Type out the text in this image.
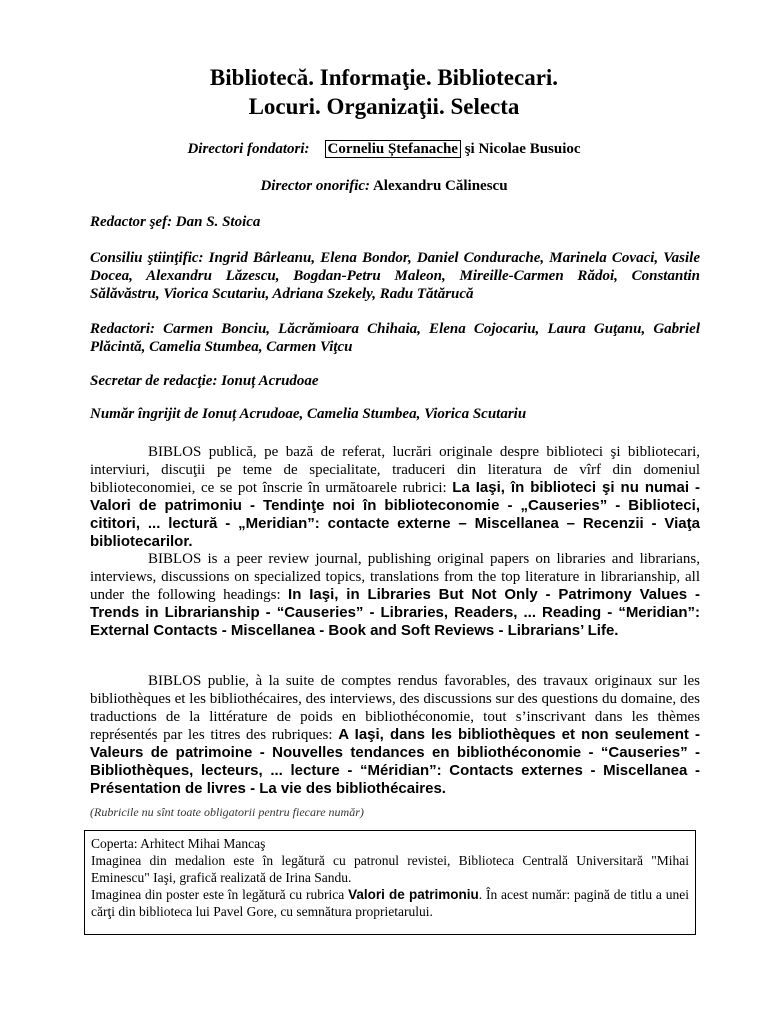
Bibliotecă. Informaţie. Bibliotecari.
Locuri. Organizaţii. Selecta
Directori fondatori: Corneliu Ștefanache şi Nicolae Busuioc
Director onorific: Alexandru Călinescu
Redactor şef: Dan S. Stoica
Consiliu ştiinţific: Ingrid Bârleanu, Elena Bondor, Daniel Condurache, Marinela Covaci, Vasile Docea, Alexandru Lăzescu, Bogdan-Petru Maleon, Mireille-Carmen Rădoi, Constantin Sălăvăstru, Viorica Scutariu, Adriana Szekely, Radu Tătărucă
Redactori: Carmen Bonciu, Lăcrămioara Chihaia, Elena Cojocariu, Laura Guţanu, Gabriel Plăcintă, Camelia Stumbea, Carmen Viţcu
Secretar de redacţie: Ionuț Acrudoae
Număr îngrijit de Ionuț Acrudoae, Camelia Stumbea, Viorica Scutariu
BIBLOS publică, pe bază de referat, lucrări originale despre biblioteci şi bibliotecari, interviuri, discuţii pe teme de specialitate, traduceri din literatura de vîrf din domeniul biblioteconomiei, ce se pot înscrie în următoarele rubrici: La Iaşi, în biblioteci şi nu numai - Valori de patrimoniu - Tendinţe noi în biblioteconomie - „Causeries” - Biblioteci, cititori, ... lectură - „Meridian”: contacte externe – Miscellanea – Recenzii - Viaţa bibliotecarilor.
BIBLOS is a peer review journal, publishing original papers on libraries and librarians, interviews, discussions on specialized topics, translations from the top literature in librarianship, all under the following headings: In Iaşi, in Libraries But Not Only - Patrimony Values - Trends in Librarianship - “Causeries” - Libraries, Readers, ... Reading - “Meridian”: External Contacts - Miscellanea - Book and Soft Reviews - Librarians’ Life.
BIBLOS publie, à la suite de comptes rendus favorables, des travaux originaux sur les bibliothèques et les bibliothécaires, des interviews, des discussions sur des questions du domaine, des traductions de la littérature de poids en bibliothéconomie, tout s’inscrivant dans les thèmes représentés par les titres des rubriques: A Iaşi, dans les bibliothèques et non seulement - Valeurs de patrimoine - Nouvelles tendances en bibliothéconomie - “Causeries” - Bibliothèques, lecteurs, ... lecture - “Méridian”: Contacts externes - Miscellanea - Présentation de livres - La vie des bibliothécaires.
(Rubricile nu sînt toate obligatorii pentru fiecare număr)

Coperta: Arhitect Mihai Mancaş

Imaginea din medalion este în legătură cu patronul revistei, Biblioteca Centrală Universitară "Mihai Eminescu" Iaşi, grafică realizată de Irina Sandu.

Imaginea din poster este în legătură cu rubrica Valori de patrimoniu. În acest număr: pagină de titlu a unei cărţi din biblioteca lui Pavel Gore, cu semnătura proprietarului.
